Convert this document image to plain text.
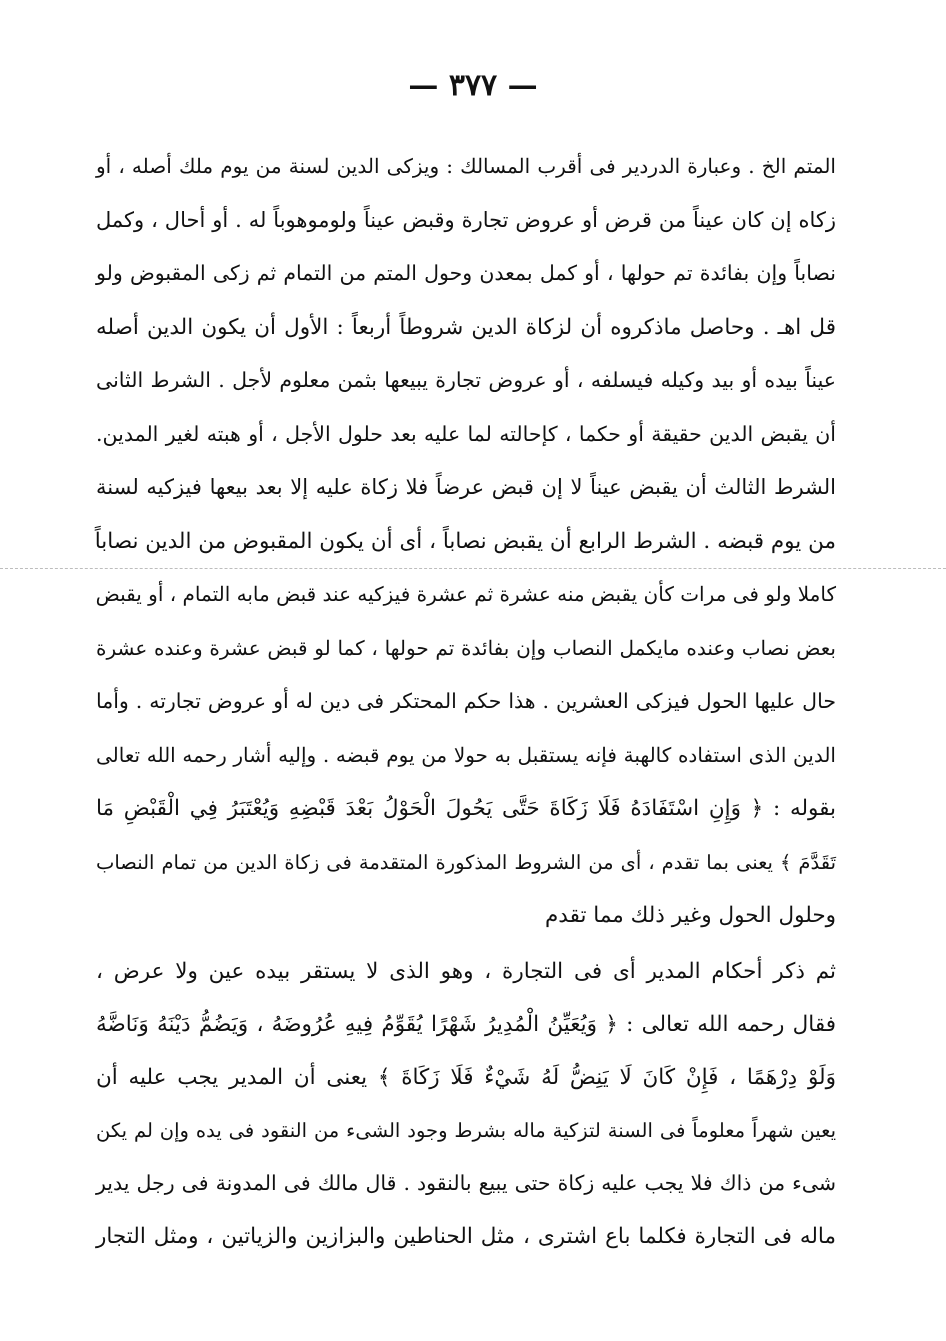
— ٣٧٧ —
المتم الخ . وعبارة الدردير فى أقرب المسالك : ويزكى الدين لسنة من يوم ملك أصله ، أو
زكاه إن كان عيناً من قرض أو عروض تجارة وقبض عيناً ولوموهوباً له . أو أحال ، وكمل
نصاباً وإن بفائدة تم حولها ، أو كمل بمعدن وحول المتم من التمام ثم زكى المقبوض ولو
قل اهـ . وحاصل ماذكروه أن لزكاة الدين شروطاً أربعاً : الأول أن يكون الدين أصله
عيناً بيده أو بيد وكيله فيسلفه ، أو عروض تجارة يبيعها بثمن معلوم لأجل . الشرط الثانى
أن يقبض الدين حقيقة أو حكما ، كإحالته لما عليه بعد حلول الأجل ، أو هبته لغير المدين.
الشرط الثالث أن يقبض عيناً لا إن قبض عرضاً فلا زكاة عليه إلا بعد بيعها فيزكيه لسنة
من يوم قبضه . الشرط الرابع أن يقبض نصاباً ، أى أن يكون المقبوض من الدين نصاباً
كاملا ولو فى مرات كأن يقبض منه عشرة ثم عشرة فيزكيه عند قبض مابه التمام ، أو يقبض
بعض نصاب وعنده مايكمل النصاب وإن بفائدة تم حولها ، كما لو قبض عشرة وعنده عشرة
حال عليها الحول فيزكى العشرين . هذا حكم المحتكر فى دين له أو عروض تجارته . وأما
الدين الذى استفاده كالهبة فإنه يستقبل به حولا من يوم قبضه . وإليه أشار رحمه الله تعالى
بقوله : ﴿ وَإِنِ اسْتَفَادَهُ فَلَا زَكَاةَ حَتَّى يَحُولَ الْحَوْلُ بَعْدَ قَبْضِهِ وَيُعْتَبَرُ فِي الْقَبْضِ مَا
تَقَدَّمَ ﴾ يعنى بما تقدم ، أى من الشروط المذكورة المتقدمة فى زكاة الدين من تمام النصاب
وحلول الحول وغير ذلك مما تقدم
ثم ذكر أحكام المدير أى فى التجارة ، وهو الذى لا يستقر بيده عين ولا عرض ،
فقال رحمه الله تعالى : ﴿ وَيُعَيِّنُ الْمُدِيرُ شَهْرًا يُقَوِّمُ فِيهِ عُرُوضَهُ ، وَيَضُمُّ دَيْنَهُ وَنَاضَّهُ
وَلَوْ دِرْهَمًا ، فَإِنْ كَانَ لَا يَنِضُّ لَهُ شَيْءٌ فَلَا زَكَاةَ ﴾ يعنى أن المدير يجب عليه أن
يعين شهراً معلوماً فى السنة لتزكية ماله بشرط وجود الشىء من النقود فى يده وإن لم يكن
شىء من ذاك فلا يجب عليه زكاة حتى يبيع بالنقود . قال مالك فى المدونة فى رجل يدير
ماله فى التجارة فكلما باع اشترى ، مثل الحناطين والبزازين والزياتين ، ومثل التجار
